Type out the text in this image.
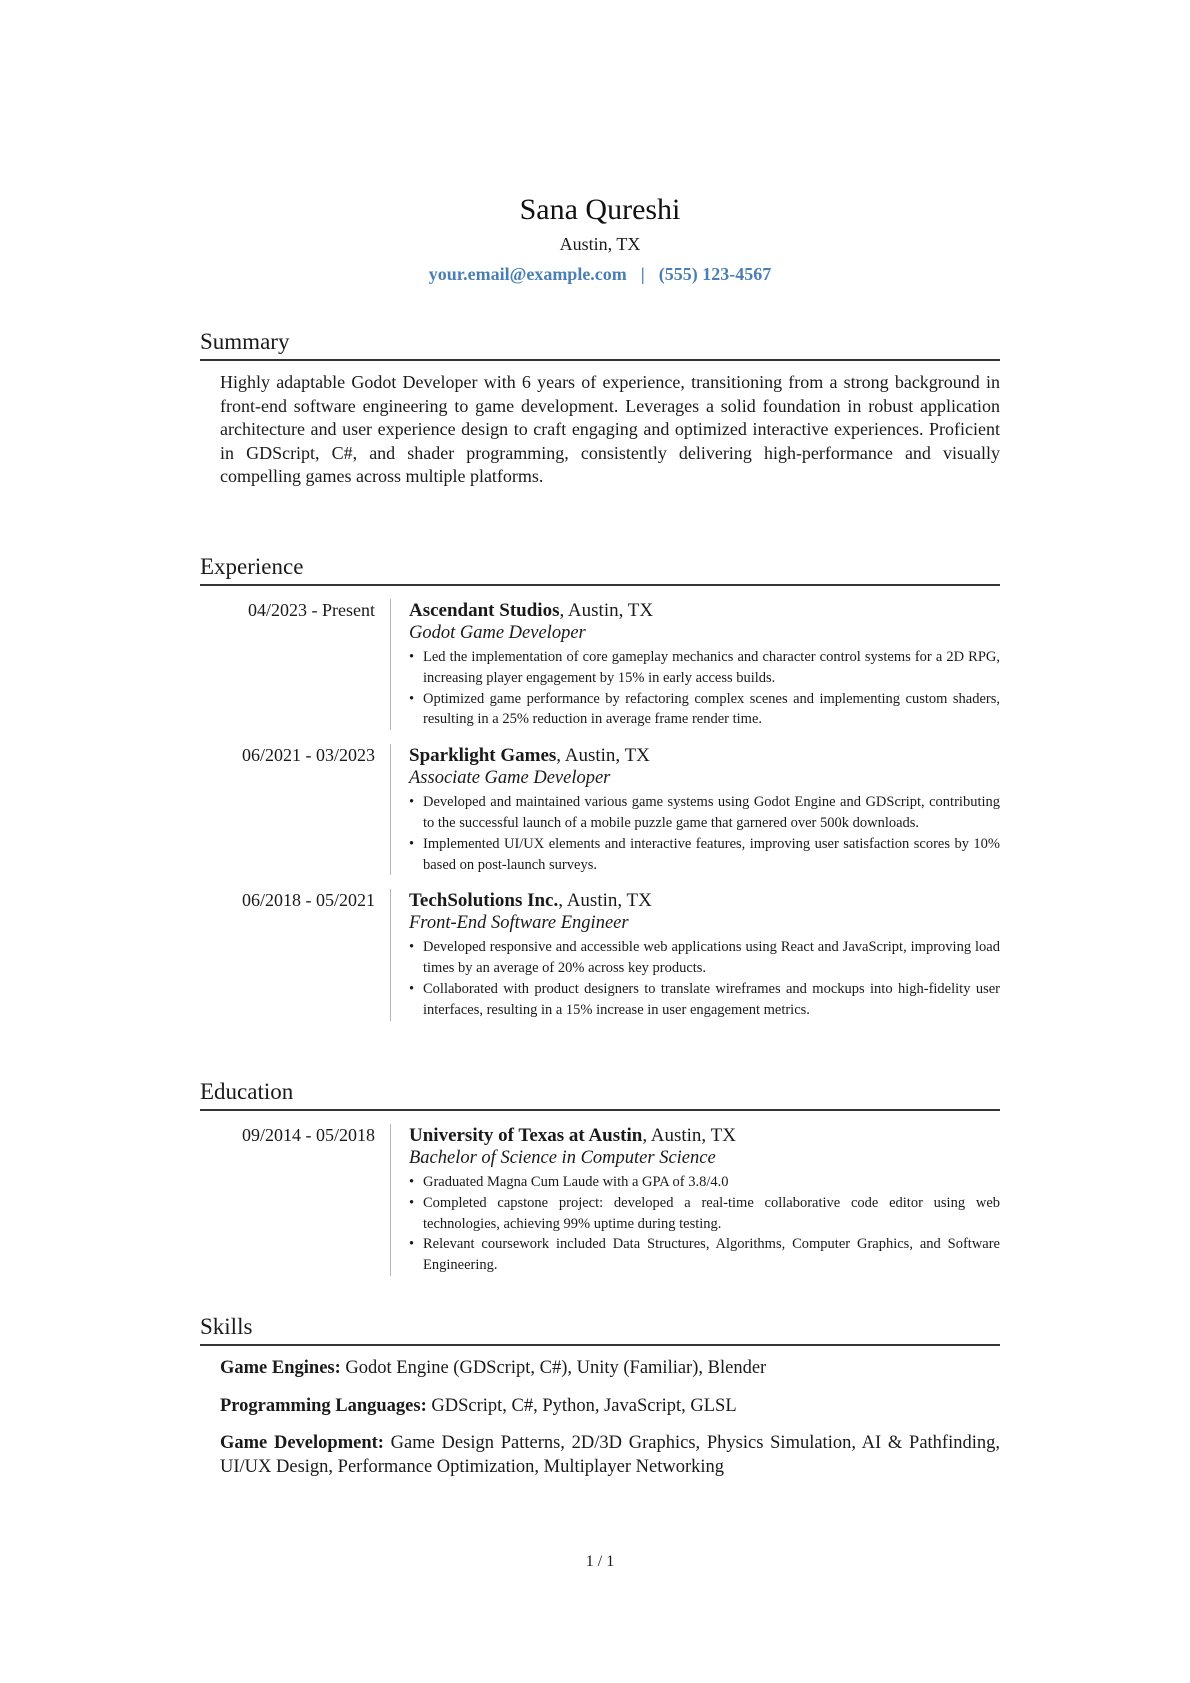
Sana Qureshi
Austin, TX
your.email@example.com | (555) 123-4567
Summary
Highly adaptable Godot Developer with 6 years of experience, transitioning from a strong background in front-end software engineering to game development. Leverages a solid foundation in robust application architecture and user experience design to craft engaging and optimized interactive experiences. Proficient in GDScript, C#, and shader programming, consistently delivering high-performance and visually compelling games across multiple platforms.
Experience
04/2023 - Present Ascendant Studios, Austin, TX
Godot Game Developer
• Led the implementation of core gameplay mechanics and character control systems for a 2D RPG, increasing player engagement by 15% in early access builds.
• Optimized game performance by refactoring complex scenes and implementing custom shaders, resulting in a 25% reduction in average frame render time.
06/2021 - 03/2023 Sparklight Games, Austin, TX
Associate Game Developer
• Developed and maintained various game systems using Godot Engine and GDScript, contributing to the successful launch of a mobile puzzle game that garnered over 500k downloads.
• Implemented UI/UX elements and interactive features, improving user satisfaction scores by 10% based on post-launch surveys.
06/2018 - 05/2021 TechSolutions Inc., Austin, TX
Front-End Software Engineer
• Developed responsive and accessible web applications using React and JavaScript, improving load times by an average of 20% across key products.
• Collaborated with product designers to translate wireframes and mockups into high-fidelity user interfaces, resulting in a 15% increase in user engagement metrics.
Education
09/2014 - 05/2018 University of Texas at Austin, Austin, TX
Bachelor of Science in Computer Science
• Graduated Magna Cum Laude with a GPA of 3.8/4.0
• Completed capstone project: developed a real-time collaborative code editor using web technologies, achieving 99% uptime during testing.
• Relevant coursework included Data Structures, Algorithms, Computer Graphics, and Software Engineering.
Skills
Game Engines: Godot Engine (GDScript, C#), Unity (Familiar), Blender
Programming Languages: GDScript, C#, Python, JavaScript, GLSL
Game Development: Game Design Patterns, 2D/3D Graphics, Physics Simulation, AI & Pathfinding, UI/UX Design, Performance Optimization, Multiplayer Networking
1 / 1
